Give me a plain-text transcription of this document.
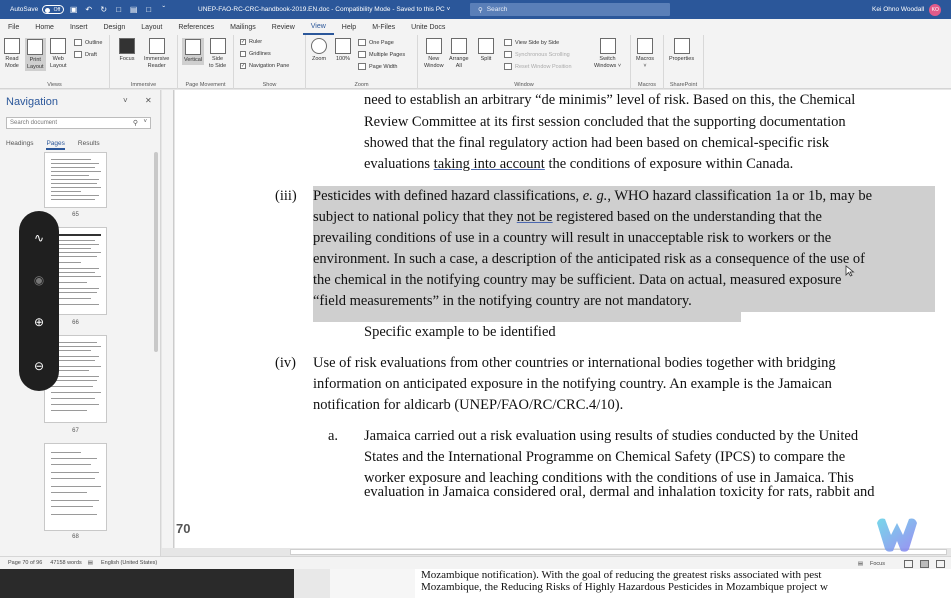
AutoSave	Off ▣ ↶ ↻	□	▤	□	ˇ	UNEP-FAO-RC-CRC-handbook-2019.EN.doc - Compatibility Mode - Saved to this PC ˅	⚲ Search	Kei Ohno Woodall	KO
File	Home	Insert	Design	Layout	References	Mailings	Review	View	Help	M-Files	Unite Docs
Read
Mode
Print
Layout
Web
Layout
Outline
Draft
Views
Focus Immersive
Reader
Immersive
Vertical	Side
to Side
Page Movement
✓ Ruler
Gridlines
✓ Navigation Pane
Show
Zoom 100%
One Page
Multiple Pages
Page Width
Zoom
New
Window
Arrange
All
Split
View Side by Side
Synchronous Scrolling
Reset Window Position
Switch
Windows ˅
Window
Macros
˅
Macros
Properties
SharePoint
Navigation	˅ ✕
Search document	⚲ ˅
Headings Pages Results
65
66
67
68
∿
◉
⊕
⊖
need to establish an arbitrary “de minimis” level of risk. Based on this, the Chemical
Review Committee at its first session concluded that the supporting documentation
showed that the final regulatory action had been based on chemical-specific risk
evaluations taking into account the conditions of exposure within Canada.
(iii) Pesticides with defined hazard classifications, e. g., WHO hazard classification 1a or 1b, may be
subject to national policy that they not be registered based on the understanding that the
prevailing conditions of use in a country will result in unacceptable risk to workers or the
environment. In such a case, a description of the anticipated risk as a consequence of the use of
the chemical in the notifying country may be sufficient. Data on actual, measured exposure
“field measurements” in the notifying country are not mandatory.
Specific example to be identified
(iv) Use of risk evaluations from other countries or international bodies together with bridging
information on anticipated exposure in the notifying country. An example is the Jamaican
notification for aldicarb (UNEP/FAO/RC/CRC.4/10).
a. Jamaica carried out a risk evaluation using results of studies conducted by the United
States and the International Programme on Chemical Safety (IPCS) to compare the
worker exposure and leaching conditions with the conditions of use in Jamaica. This
evaluation in Jamaica considered oral, dermal and inhalation toxicity for rats, rabbit and
70
Page 70 of 96 47158 words ▤ English (United States)	▤ Focus
Mozambique notification). With the goal of reducing the greatest risks associated with pest
Mozambique, the Reducing Risks of Highly Hazardous Pesticides in Mozambique project w
